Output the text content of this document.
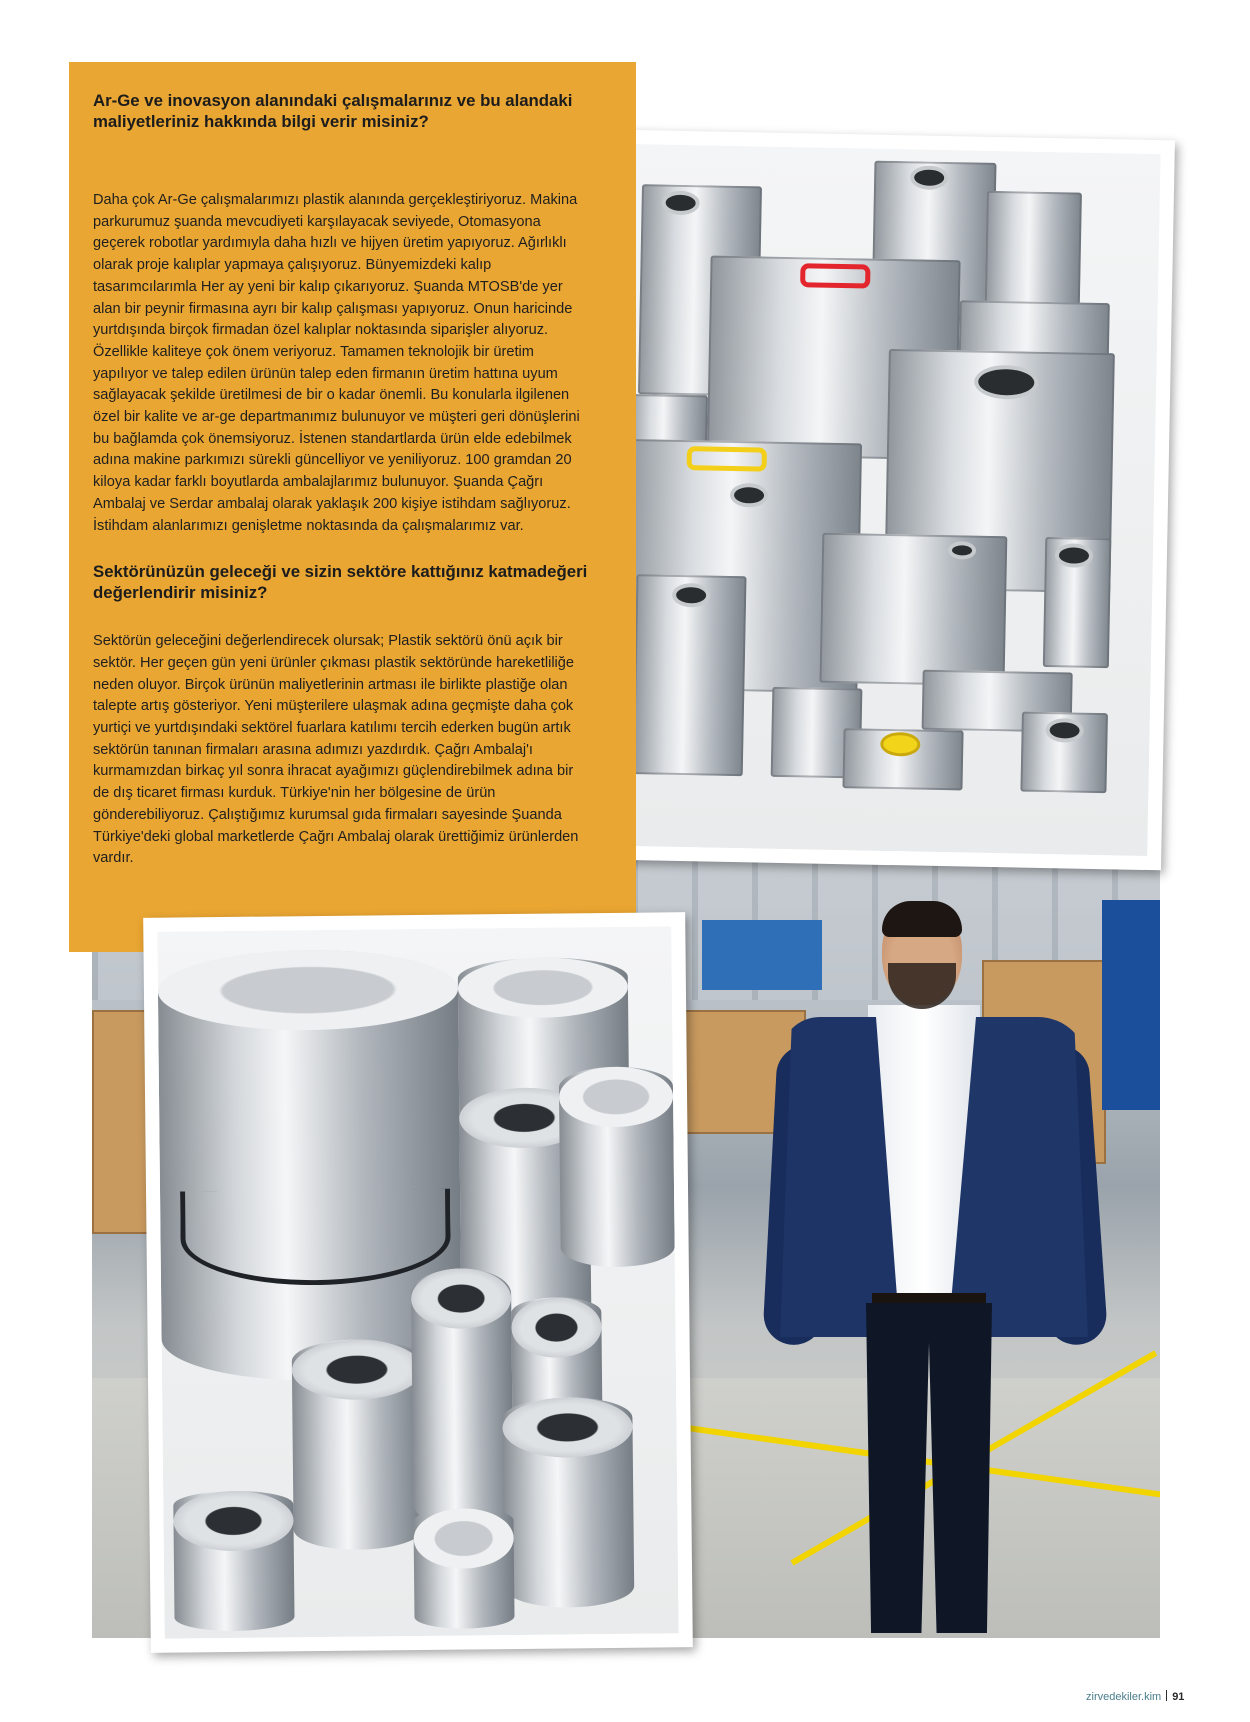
Ar-Ge ve inovasyon alanındaki çalışmalarınız ve bu alandaki maliyetleriniz hakkında bilgi verir misiniz?

Daha çok Ar-Ge çalışmalarımızı plastik alanında gerçekleştiriyoruz. Makina parkurumuz şuanda mevcudiyeti karşılayacak seviyede, Otomasyona geçerek robotlar yardımıyla daha hızlı ve hijyen üretim yapıyoruz. Ağırlıklı olarak proje kalıplar yapmaya çalışıyoruz. Bünyemizdeki kalıp tasarımcılarımla Her ay yeni bir kalıp çıkarıyoruz. Şuanda MTOSB'de yer alan bir peynir firmasına ayrı bir kalıp çalışması yapıyoruz. Onun haricinde yurtdışında birçok firmadan özel kalıplar noktasında siparişler alıyoruz. Özellikle kaliteye çok önem veriyoruz. Tamamen teknolojik bir üretim yapılıyor ve talep edilen ürünün talep eden firmanın üretim hattına uyum sağlayacak şekilde üretilmesi de bir o kadar önemli. Bu konularla ilgilenen özel bir kalite ve ar-ge departmanımız bulunuyor ve müşteri geri dönüşlerini bu bağlamda çok önemsiyoruz. İstenen standartlarda ürün elde edebilmek adına makine parkımızı sürekli güncelliyor ve yeniliyoruz. 100 gramdan 20 kiloya kadar farklı boyutlarda ambalajlarımız bulunuyor. Şuanda Çağrı Ambalaj ve Serdar ambalaj olarak yaklaşık 200 kişiye istihdam sağlıyoruz. İstihdam alanlarımızı genişletme noktasında da çalışmalarımız var.

Sektörünüzün geleceği ve sizin sektöre kattığınız katmadeğeri değerlendirir misiniz?

Sektörün geleceğini değerlendirecek olursak; Plastik sektörü önü açık bir sektör. Her geçen gün yeni ürünler çıkması plastik sektöründe hareketliliğe neden oluyor. Birçok ürünün maliyetlerinin artması ile birlikte plastiğe olan talepte artış gösteriyor. Yeni müşterilere ulaşmak adına geçmişte daha çok yurtiçi ve yurtdışındaki sektörel fuarlara katılımı tercih ederken bugün artık sektörün tanınan firmaları arasına adımızı yazdırdık. Çağrı Ambalaj'ı kurmamızdan birkaç yıl sonra ihracat ayağımızı güçlendirebilmek adına bir de dış ticaret firması kurduk. Türkiye'nin her bölgesine de ürün gönderebiliyoruz. Çalıştığımız kurumsal gıda firmaları sayesinde Şuanda Türkiye'deki global marketlerde Çağrı Ambalaj olarak ürettiğimiz ürünlerden vardır.

zirvedekiler.kim 91
